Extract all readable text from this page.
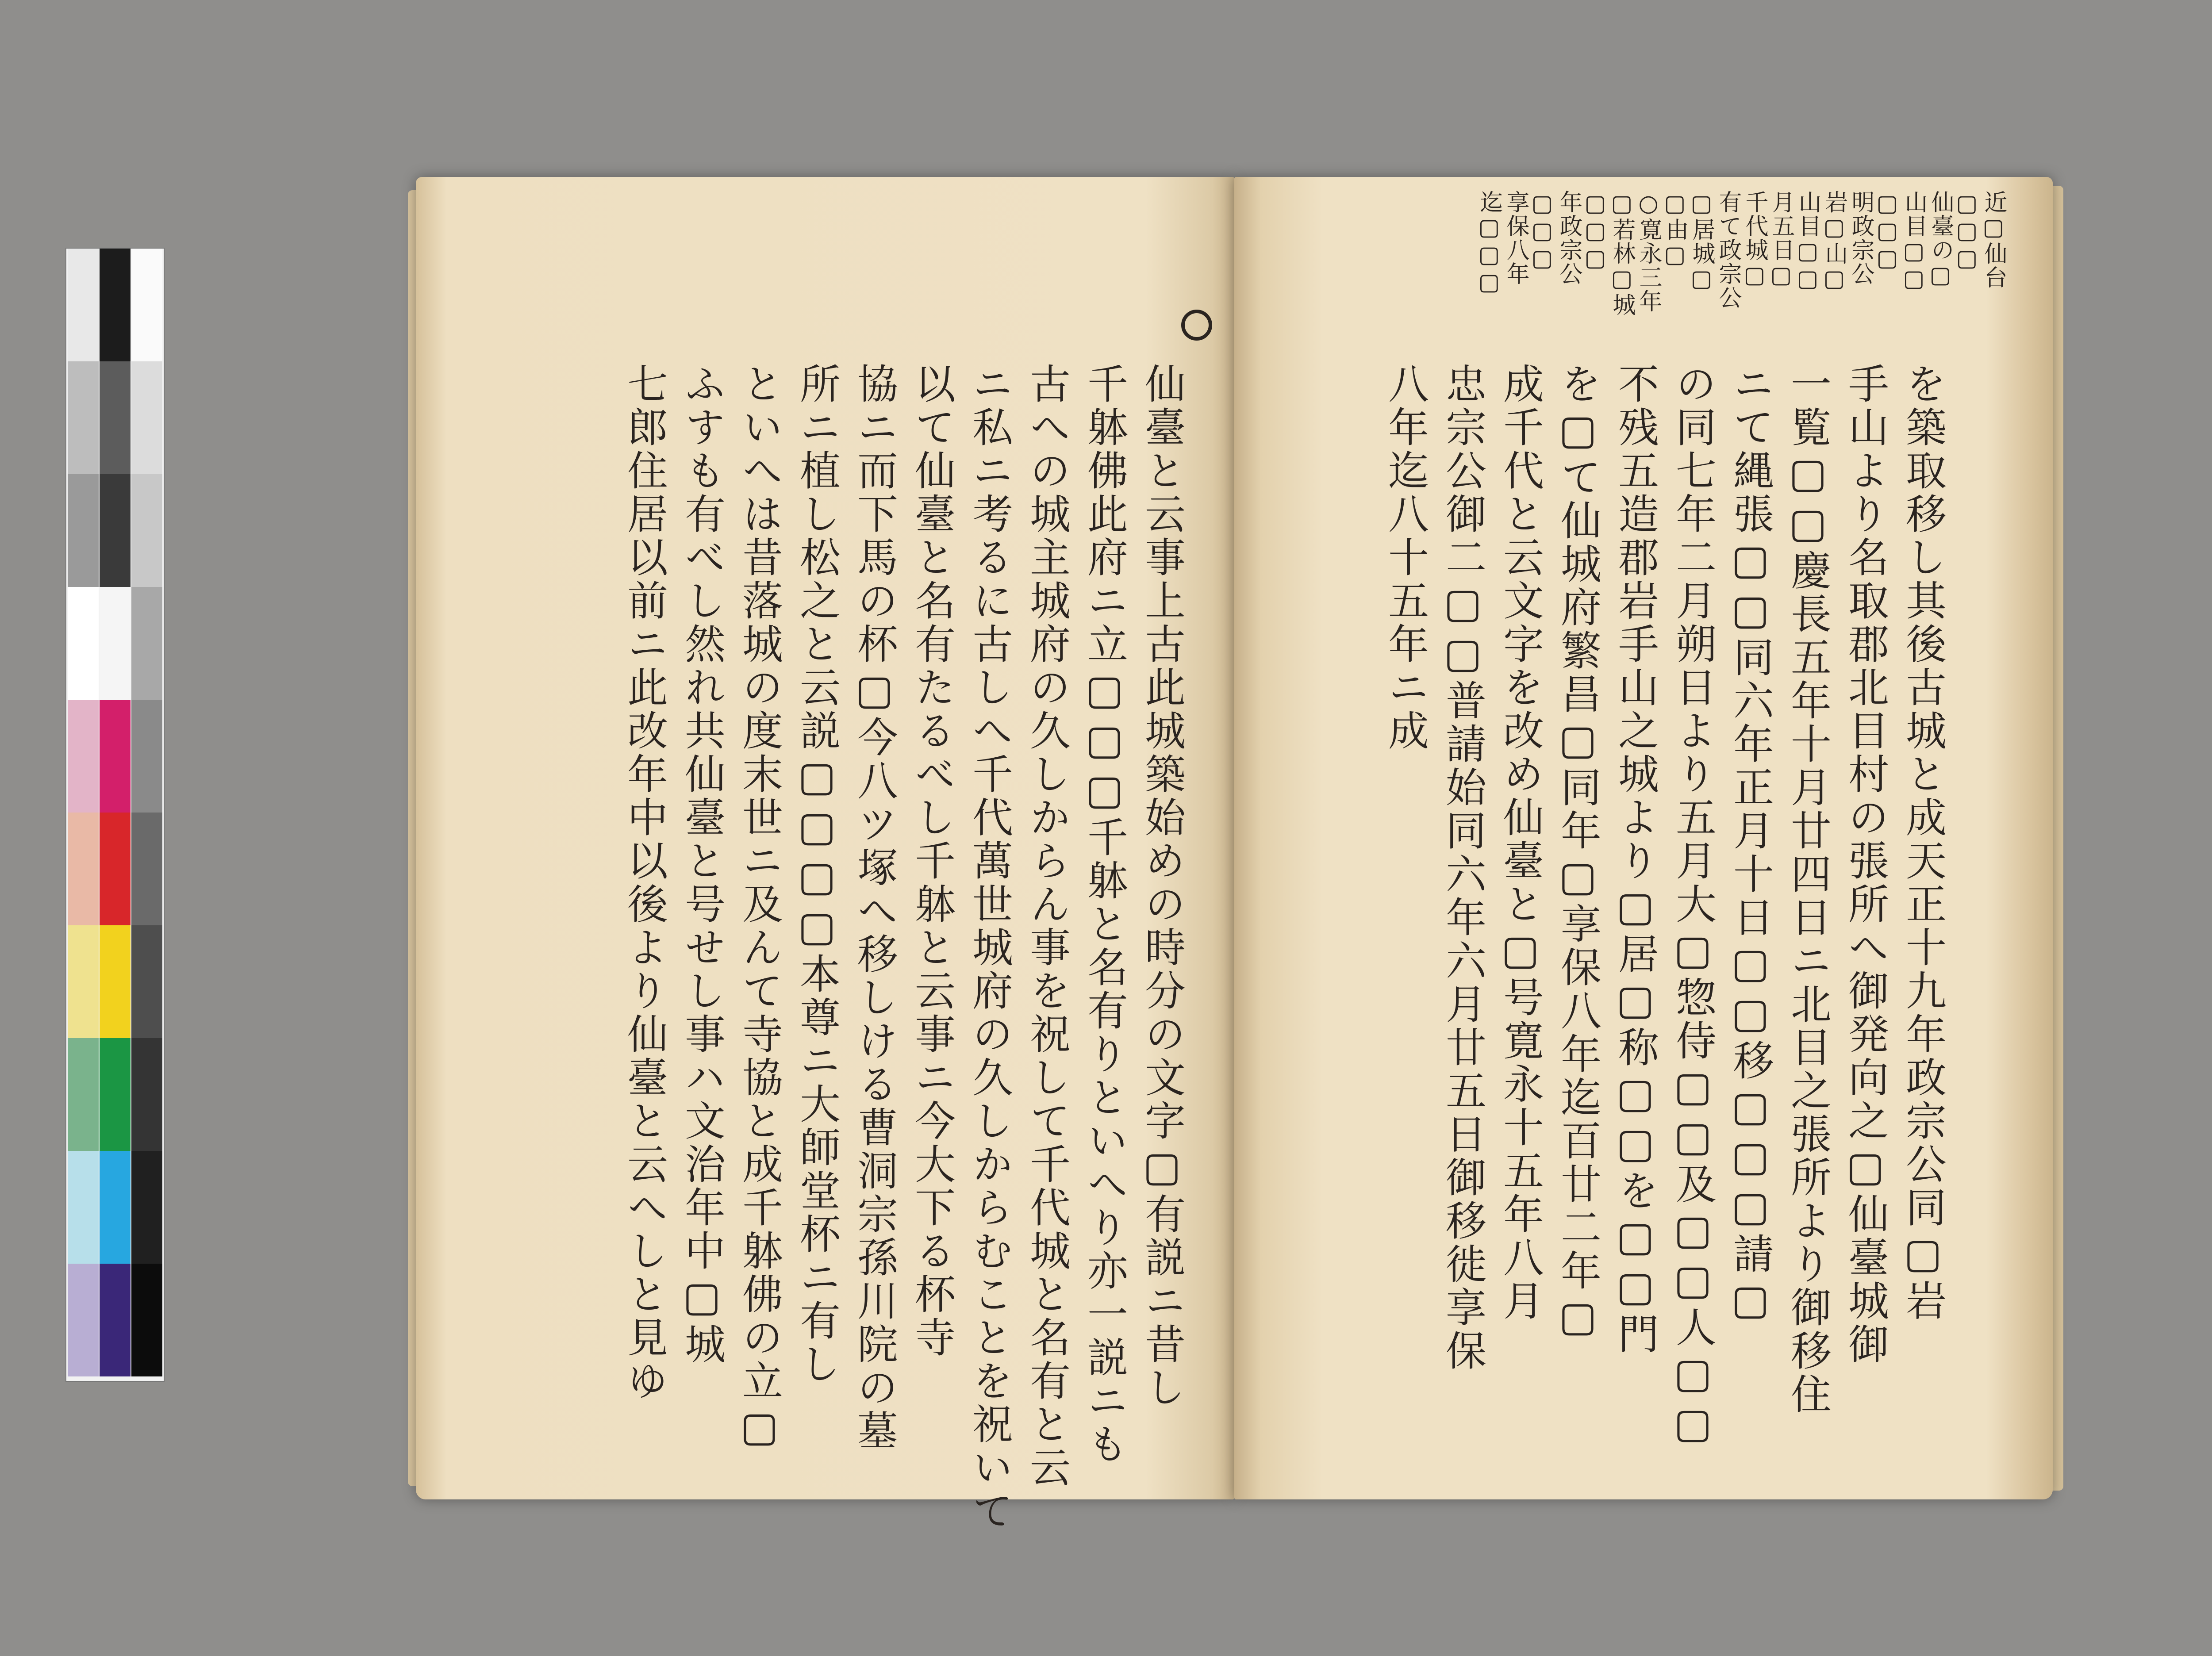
仙臺と云事上古此城築始めの時分の文字▢有説ニ昔し
千躰佛此府ニ立▢▢▢千躰と名有りといへり亦一説ニも
古への城主城府の久しからん事を祝して千代城と名有と云
ニ私ニ考るに古しへ千代萬世城府の久しからむことを祝いて
以て仙臺と名有たるべし千躰と云事ニ今大下る杯寺
協ニ而下馬の杯▢今八ツ塚へ移しける曹洞宗孫川院の墓
所ニ植し松之と云説▢▢▢▢本尊ニ大師堂杯ニ有し
といへは昔落城の度末世ニ及んて寺協と成千躰佛の立▢
ふすも有べし然れ共仙臺と号せし事ハ文治年中▢城
七郎住居以前ニ此改年中以後より仙臺と云へしと見ゆ
近▢仙台
▢▢▢
仙臺の▢
山目▢▢
▢▢▢
明政宗公
岩▢山▢
山目▢▢
月五日▢
千代城▢
有て政宗公
▢居城▢
▢由▢
○寛永三年
▢若林▢城
▢▢▢
年政宗公
▢▢▢
享保八年
迄▢▢▢
を築取移し其後古城と成天正十九年政宗公同▢岩
手山より名取郡北目村の張所へ御発向之▢仙臺城御
一覧▢▢慶長五年十月廿四日ニ北目之張所より御移住
ニて縄張▢▢同六年正月十日▢▢移▢▢▢請▢
の同七年二月朔日より五月大▢惣侍▢▢及▢▢人▢▢
不残五造郡岩手山之城より▢居▢称▢▢を▢▢門
を▢て仙城府繁昌▢同年▢享保八年迄百廿二年▢
成千代と云文字を改め仙臺と▢号寛永十五年八月
忠宗公御二▢▢普請始同六年六月廿五日御移徙享保
八年迄八十五年ニ成
